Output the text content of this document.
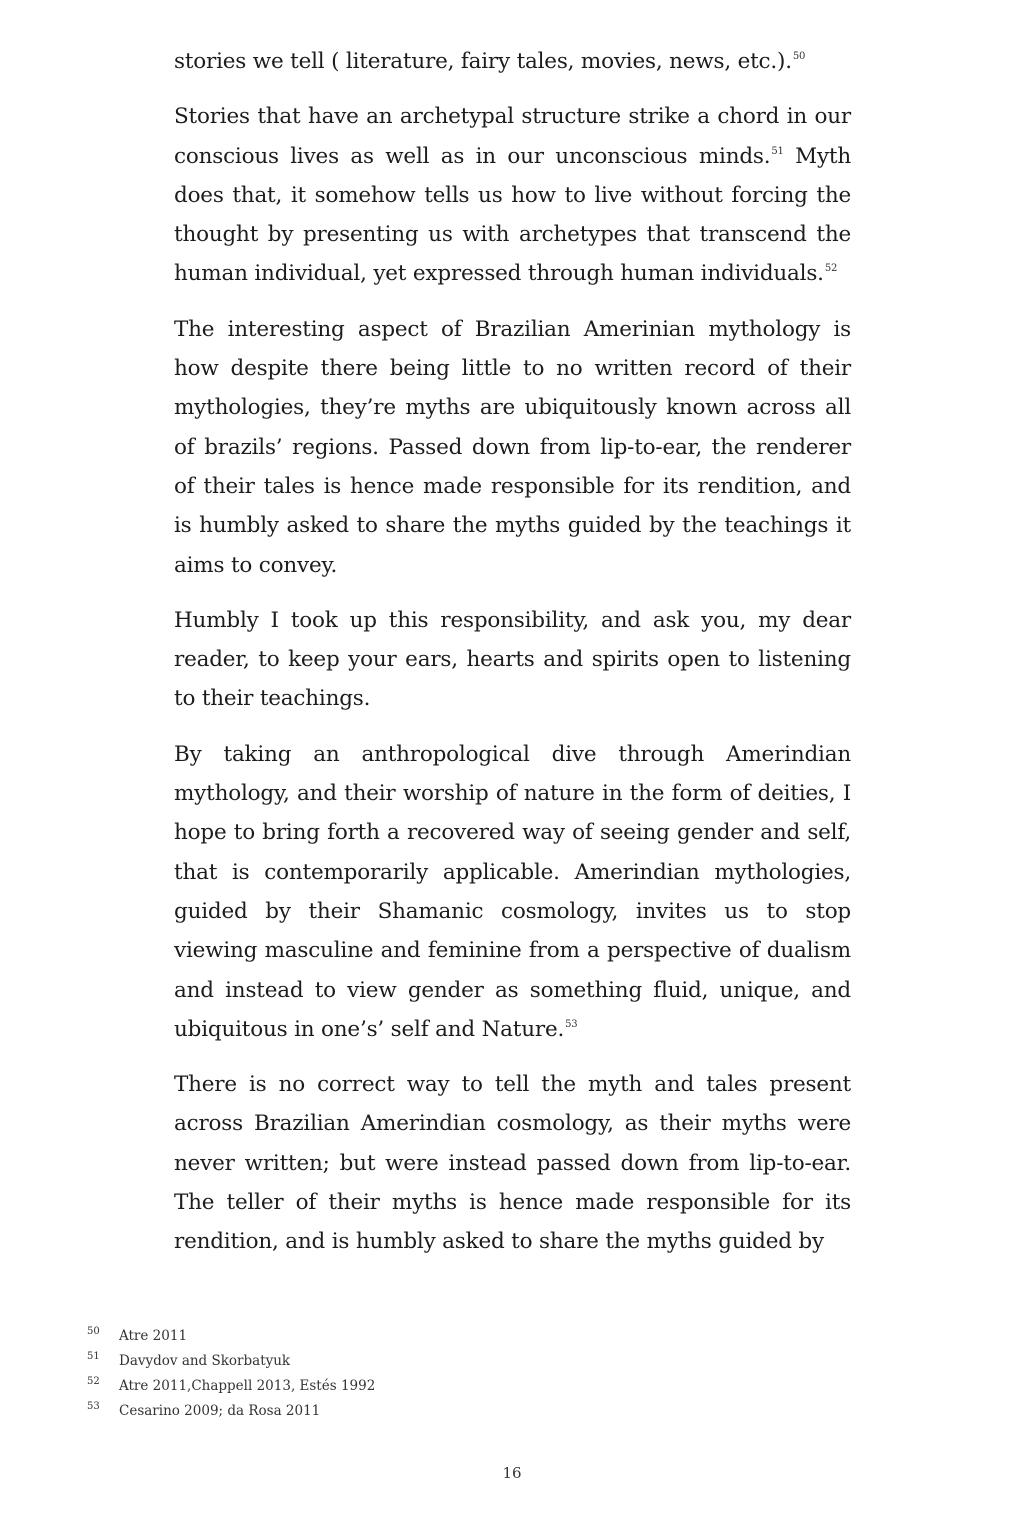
stories we tell ( literature, fairy tales, movies, news, etc.).$^{50}$

Stories that have an archetypal structure strike a chord in our conscious lives as well as in our unconscious minds.$^{51}$ Myth does that, it somehow tells us how to live without forcing the thought by presenting us with archetypes that transcend the human individual, yet expressed through human individuals.$^{52}$

The interesting aspect of Brazilian Amerinian mythology is how despite there being little to no written record of their mythologies, they’re myths are ubiquitously known across all of brazils’ regions. Passed down from lip-to-ear, the renderer of their tales is hence made responsible for its rendition, and is humbly asked to share the myths guided by the teachings it aims to convey.

Humbly I took up this responsibility, and ask you, my dear reader, to keep your ears, hearts and spirits open to listening to their teachings.

By taking an anthropological dive through Amerindian mythology, and their worship of nature in the form of deities, I hope to bring forth a recovered way of seeing gender and self, that is contemporarily applicable. Amerindian mythologies, guided by their Shamanic cosmology, invites us to stop viewing masculine and feminine from a perspective of dualism and instead to view gender as something fluid, unique, and ubiquitous in one’s’ self and Nature.$^{53}$

There is no correct way to tell the myth and tales present across Brazilian Amerindian cosmology, as their myths were never written; but were instead passed down from lip-to-ear. The teller of their myths is hence made responsible for its rendition, and is humbly asked to share the myths guided by

50 Atre 2011
51 Davydov and Skorbatyuk
52 Atre 2011,Chappell 2013, Estés 1992
53 Cesarino 2009; da Rosa 2011
16
